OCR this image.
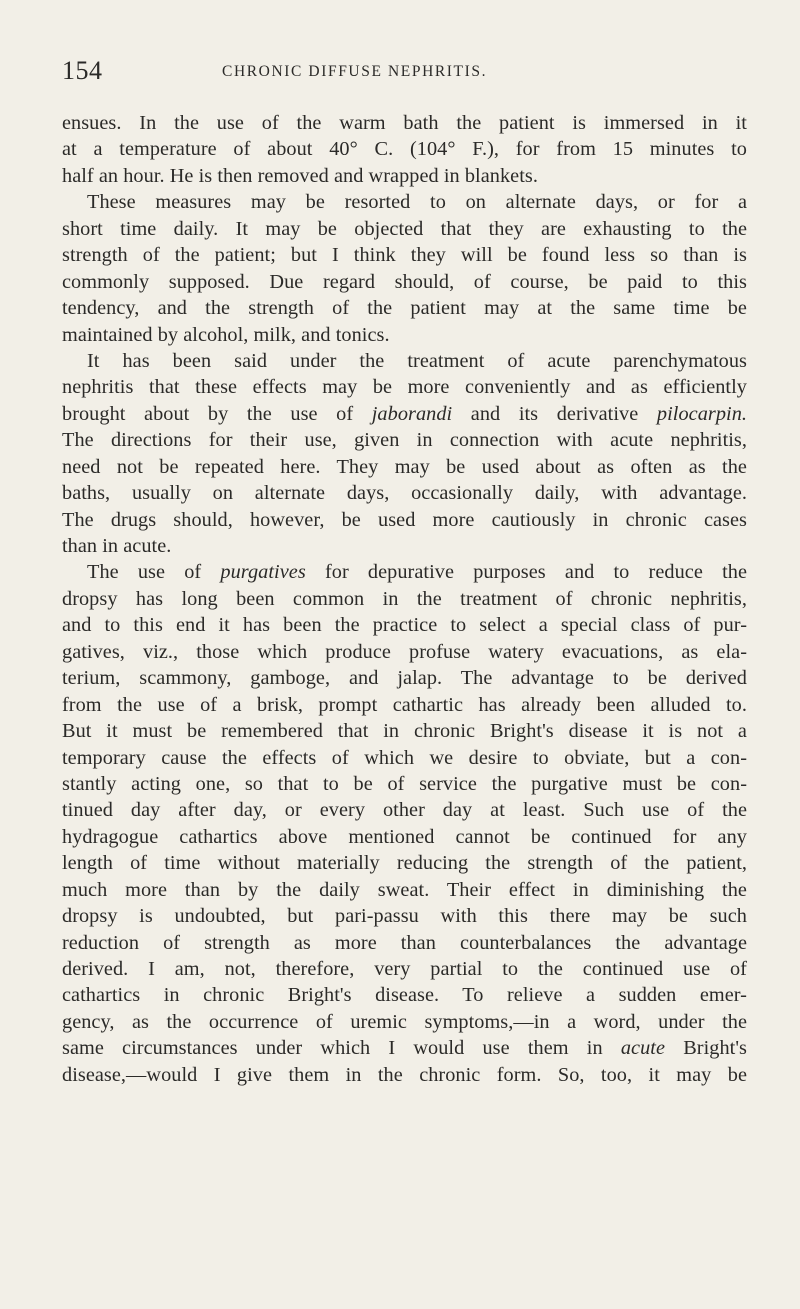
154	CHRONIC DIFFUSE NEPHRITIS.
ensues. In the use of the warm bath the patient is immersed in it
at a temperature of about 40° C. (104° F.), for from 15 minutes to
half an hour. He is then removed and wrapped in blankets.
These measures may be resorted to on alternate days, or for a
short time daily. It may be objected that they are exhausting to the
strength of the patient; but I think they will be found less so than is
commonly supposed. Due regard should, of course, be paid to this
tendency, and the strength of the patient may at the same time be
maintained by alcohol, milk, and tonics.
It has been said under the treatment of acute parenchymatous
nephritis that these effects may be more conveniently and as efficiently
brought about by the use of jaborandi and its derivative pilocarpin.
The directions for their use, given in connection with acute nephritis,
need not be repeated here. They may be used about as often as the
baths, usually on alternate days, occasionally daily, with advantage.
The drugs should, however, be used more cautiously in chronic cases
than in acute.
The use of purgatives for depurative purposes and to reduce the
dropsy has long been common in the treatment of chronic nephritis,
and to this end it has been the practice to select a special class of pur-
gatives, viz., those which produce profuse watery evacuations, as ela-
terium, scammony, gamboge, and jalap. The advantage to be derived
from the use of a brisk, prompt cathartic has already been alluded to.
But it must be remembered that in chronic Bright's disease it is not a
temporary cause the effects of which we desire to obviate, but a con-
stantly acting one, so that to be of service the purgative must be con-
tinued day after day, or every other day at least. Such use of the
hydragogue cathartics above mentioned cannot be continued for any
length of time without materially reducing the strength of the patient,
much more than by the daily sweat. Their effect in diminishing the
dropsy is undoubted, but pari-passu with this there may be such
reduction of strength as more than counterbalances the advantage
derived. I am, not, therefore, very partial to the continued use of
cathartics in chronic Bright's disease. To relieve a sudden emer-
gency, as the occurrence of uremic symptoms,—in a word, under the
same circumstances under which I would use them in acute Bright's
disease,—would I give them in the chronic form. So, too, it may be
